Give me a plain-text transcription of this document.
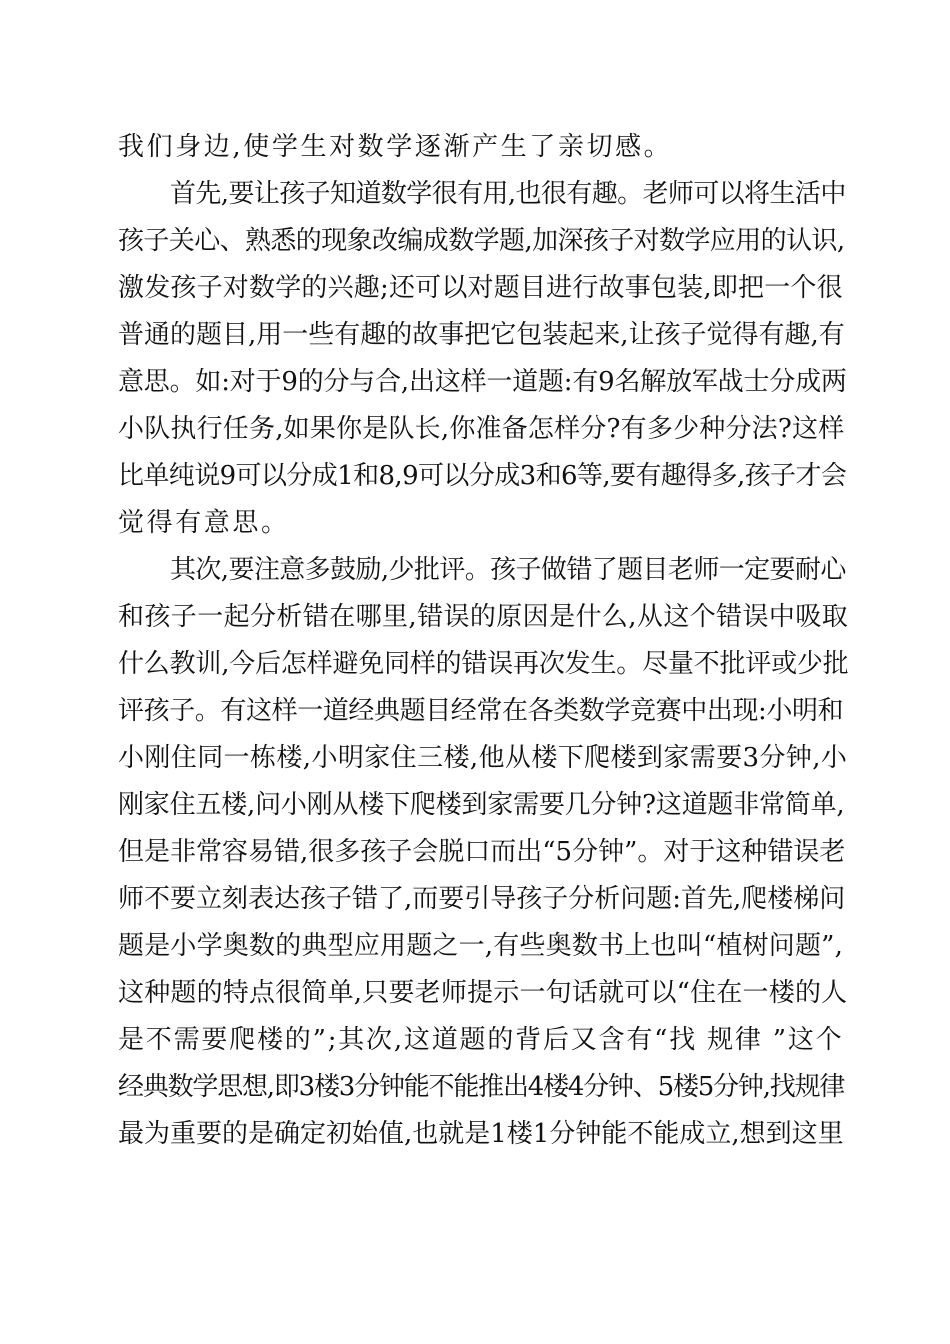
我们身边,使学生对数学逐渐产生了亲切感。
首先,要让孩子知道数学很有用,也很有趣。老师可以将生活中
孩子关心、熟悉的现象改编成数学题,加深孩子对数学应用的认识,
激发孩子对数学的兴趣;还可以对题目进行故事包装,即把一个很
普通的题目,用一些有趣的故事把它包装起来,让孩子觉得有趣,有
意思。如:对于9的分与合,出这样一道题:有9名解放军战士分成两
小队执行任务,如果你是队长,你准备怎样分?有多少种分法?这样
比单纯说9可以分成1和8,9可以分成3和6等,要有趣得多,孩子才会
觉得有意思。
其次,要注意多鼓励,少批评。孩子做错了题目老师一定要耐心
和孩子一起分析错在哪里,错误的原因是什么,从这个错误中吸取
什么教训,今后怎样避免同样的错误再次发生。尽量不批评或少批
评孩子。有这样一道经典题目经常在各类数学竞赛中出现:小明和
小刚住同一栋楼,小明家住三楼,他从楼下爬楼到家需要3分钟,小
刚家住五楼,问小刚从楼下爬楼到家需要几分钟?这道题非常简单,
但是非常容易错,很多孩子会脱口而出“5分钟”。对于这种错误老
师不要立刻表达孩子错了,而要引导孩子分析问题:首先,爬楼梯问
题是小学奥数的典型应用题之一,有些奥数书上也叫“植树问题”,
这种题的特点很简单,只要老师提示一句话就可以“住在一楼的人
是不需要爬楼的”;其次,这道题的背后又含有“找 规律 ”这个
经典数学思想,即3楼3分钟能不能推出4楼4分钟、5楼5分钟,找规律
最为重要的是确定初始值,也就是1楼1分钟能不能成立,想到这里
